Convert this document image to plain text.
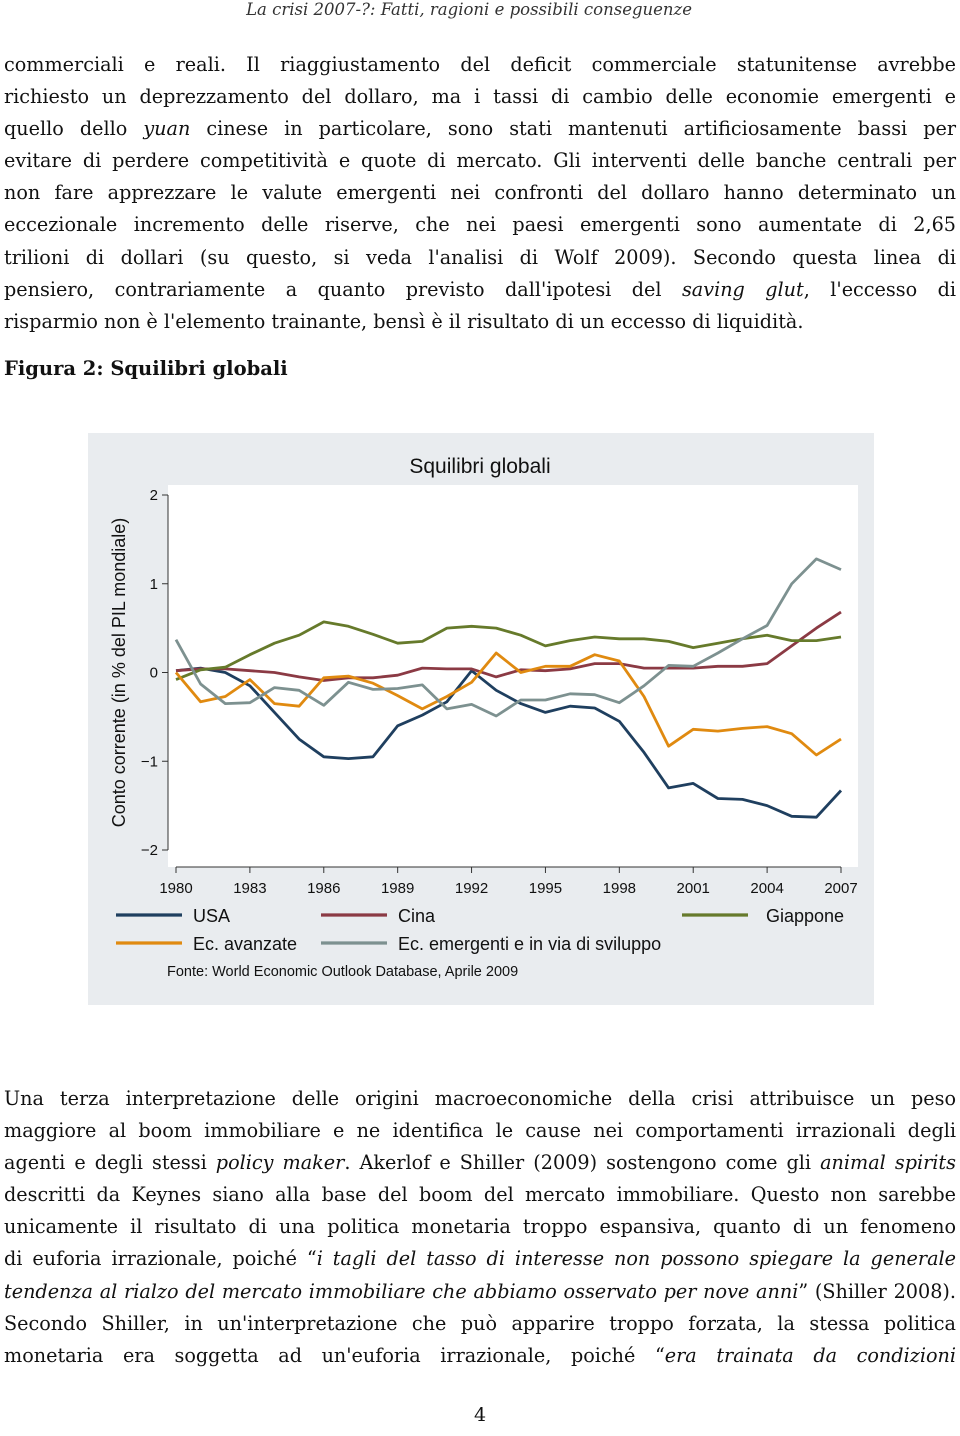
La crisi 2007-?: Fatti, ragioni e possibili conseguenze

commerciali e reali. Il riaggiustamento del deficit commerciale statunitense avrebbe
richiesto un deprezzamento del dollaro, ma i tassi di cambio delle economie emergenti e
quello dello yuan cinese in particolare, sono stati mantenuti artificiosamente bassi per
evitare di perdere competitività e quote di mercato. Gli interventi delle banche centrali per
non fare apprezzare le valute emergenti nei confronti del dollaro hanno determinato un
eccezionale incremento delle riserve, che nei paesi emergenti sono aumentate di 2,65
trilioni di dollari (su questo, si veda l'analisi di Wolf 2009). Secondo questa linea di
pensiero, contrariamente a quanto previsto dall'ipotesi del saving glut, l'eccesso di
risparmio non è l'elemento trainante, bensì è il risultato di un eccesso di liquidità.

Figura 2: Squilibri globali
Squilibri globali
Conto corrente (in % del PIL mondiale)
2
1
0
−1
−2
1980	1983	1986	1989	1992	1995	1998	2001	2004	2007
USA	Cina	Giappone
Ec. avanzate	Ec. emergenti e in via di sviluppo
Fonte: World Economic Outlook Database, Aprile 2009

Una terza interpretazione delle origini macroeconomiche della crisi attribuisce un peso
maggiore al boom immobiliare e ne identifica le cause nei comportamenti irrazionali degli
agenti e degli stessi policy maker. Akerlof e Shiller (2009) sostengono come gli animal spirits
descritti da Keynes siano alla base del boom del mercato immobiliare. Questo non sarebbe
unicamente il risultato di una politica monetaria troppo espansiva, quanto di un fenomeno
di euforia irrazionale, poiché “i tagli del tasso di interesse non possono spiegare la generale
tendenza al rialzo del mercato immobiliare che abbiamo osservato per nove anni” (Shiller 2008).
Secondo Shiller, in un'interpretazione che può apparire troppo forzata, la stessa politica
monetaria era soggetta ad un'euforia irrazionale, poiché “era trainata da condizioni

4
